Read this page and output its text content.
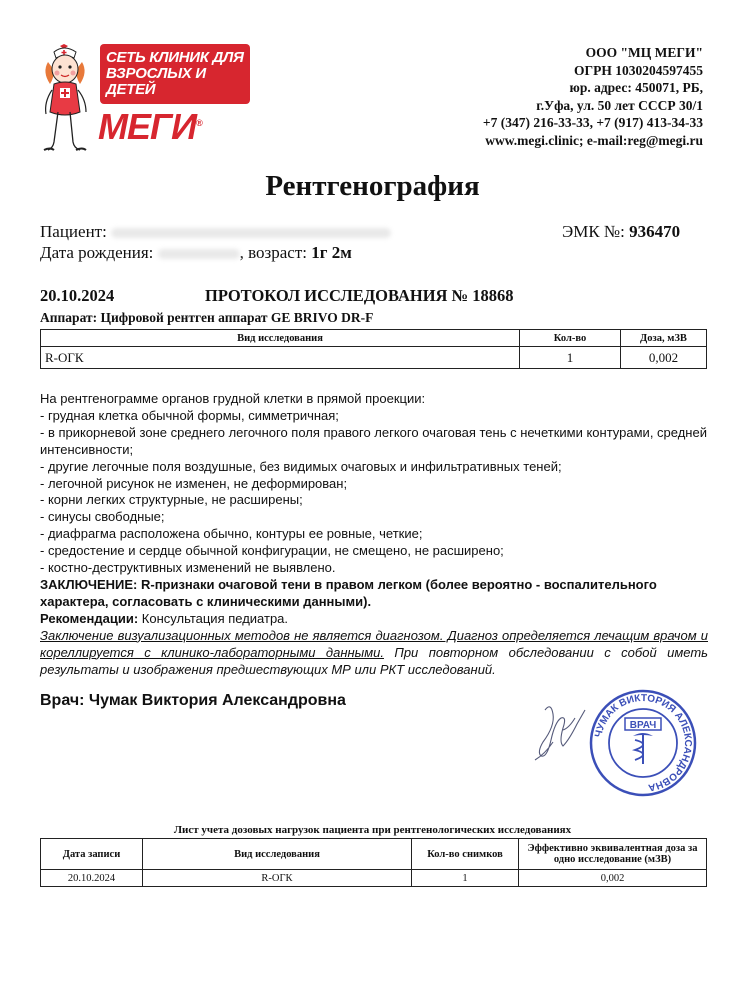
СЕТЬ КЛИНИК ДЛЯ ВЗРОСЛЫХ И ДЕТЕЙ
МЕГИ®
ООО "МЦ МЕГИ"
ОГРН 1030204597455
юр. адрес: 450071, РБ,
г.Уфа, ул. 50 лет СССР 30/1
+7 (347) 216-33-33, +7 (917) 413-34-33
www.megi.clinic; e-mail:reg@megi.ru
Рентгенография
Пациент:
Дата рождения:	, возраст: 1г 2м
ЭМК №: 936470
20.10.2024	ПРОТОКОЛ ИССЛЕДОВАНИЯ № 18868
Аппарат: Цифровой рентген аппарат GE BRIVO DR-F
Вид исследования	Кол-во	Доза, мЗВ
R-ОГК	1	0,002

На рентгенограмме органов грудной клетки в прямой проекции:

- грудная клетка обычной формы, симметричная;

- в прикорневой зоне среднего легочного поля правого легкого очаговая тень с нечеткими контурами, средней интенсивности;

- другие легочные поля воздушные, без видимых очаговых и инфильтративных теней;

- легочной рисунок не изменен, не деформирован;

- корни легких структурные, не расширены;

- синусы свободные;

- диафрагма расположена обычно, контуры ее ровные, четкие;

- средостение и сердце обычной конфигурации, не смещено, не расширено;

- костно-деструктивных изменений не выявлено.

ЗАКЛЮЧЕНИЕ: R-признаки очаговой тени в правом легком (более вероятно - воспалительного характера, согласовать с клиническими данными).

Рекомендации: Консультация педиатра.

Заключение визуализационных методов не является диагнозом. Диагноз определяется лечащим врачом и кореллируется с клинико-лабораторными данными. При повторном обследовании с собой иметь результаты и изображения предшествующих МР или РКТ исследований.

Врач: Чумак Виктория Александровна
ЧУМАК ВИКТОРИЯ АЛЕКСАНДРОВНА
ВРАЧ
Лист учета дозовых нагрузок пациента при рентгенологических исследованиях
Дата записи	Вид исследования	Кол-во снимков	Эффективно эквивалентная доза за одно исследование (мЗВ)
20.10.2024	R-ОГК	1	0,002
